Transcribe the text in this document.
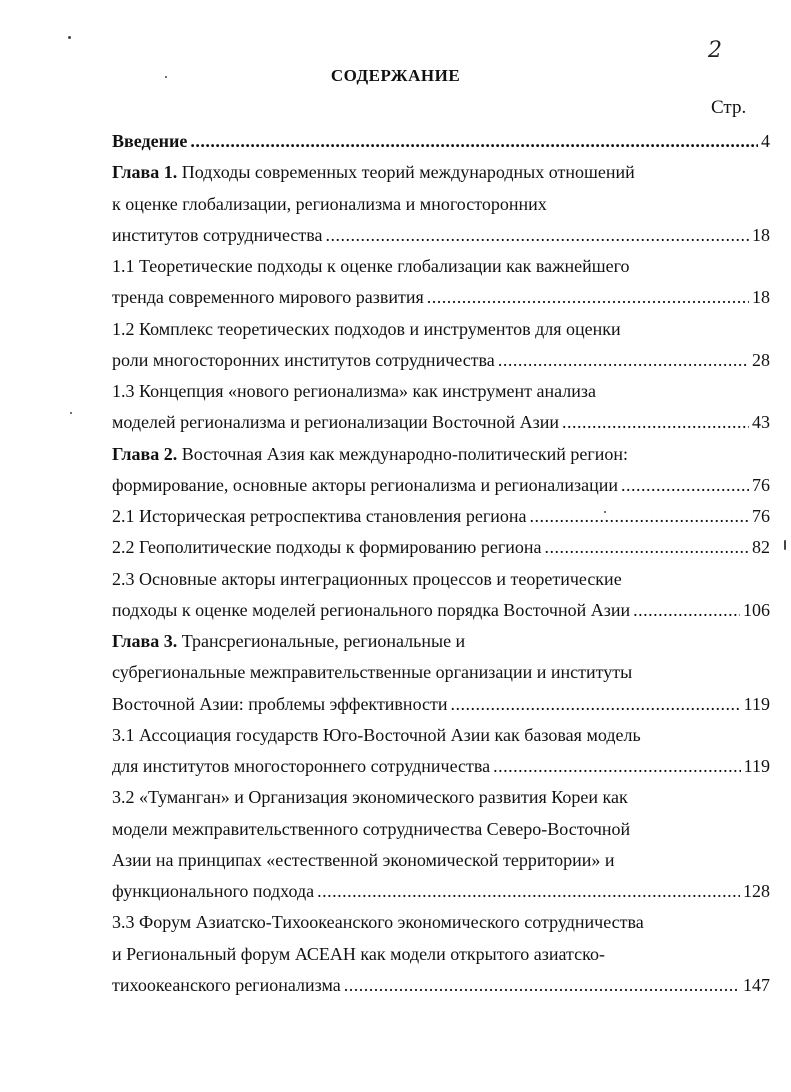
2
СОДЕРЖАНИЕ
Стр.
Введение .....	4
Глава 1. Подходы современных теорий международных отношений
к оценке глобализации, регионализма и многосторонних
институтов сотрудничества .....	18
1.1 Теоретические подходы к оценке глобализации как важнейшего
тренда современного мирового развития .....	18
1.2 Комплекс теоретических подходов и инструментов для оценки
роли многосторонних институтов сотрудничества .....	28
1.3 Концепция «нового регионализма» как инструмент анализа
моделей регионализма и регионализации Восточной Азии .....	43
Глава 2. Восточная Азия как международно-политический регион:
формирование, основные акторы регионализма и регионализации .....	76
2.1 Историческая ретроспектива становления региона .....	76
2.2 Геополитические подходы к формированию региона .....	82
2.3 Основные акторы интеграционных процессов и теоретические
подходы к оценке моделей регионального порядка Восточной Азии .....	106
Глава 3. Трансрегиональные, региональные и
субрегиональные межправительственные организации и институты
Восточной Азии: проблемы эффективности .....	119
3.1 Ассоциация государств Юго-Восточной Азии как базовая модель
для институтов многостороннего сотрудничества .....	119
3.2 «Туманган» и Организация экономического развития Кореи как
модели межправительственного сотрудничества Северо-Восточной
Азии на принципах «естественной экономической территории» и
функционального подхода .....	128
3.3 Форум Азиатско-Тихоокеанского экономического сотрудничества
и Региональный форум АСЕАН как модели открытого азиатско-
тихоокеанского регионализма .....	147
